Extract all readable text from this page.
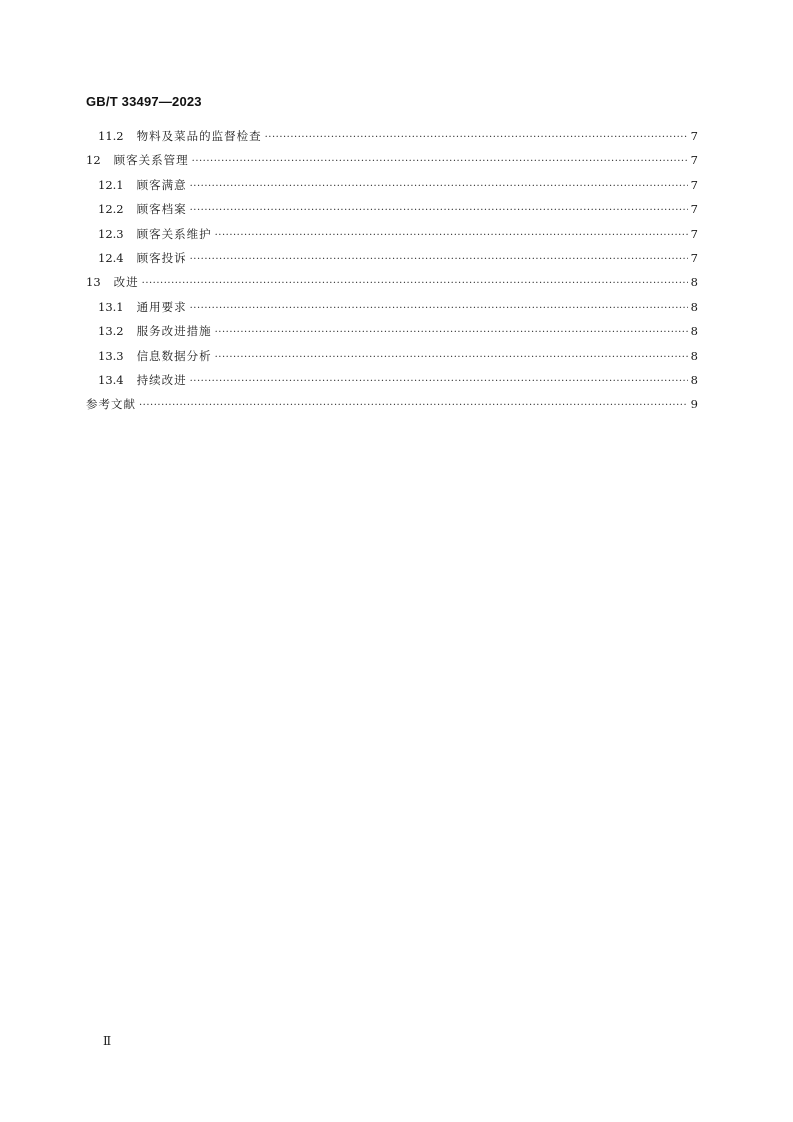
GB/T 33497—2023
11.2 物料及菜品的监督检查 ·····	7
12 顾客关系管理 ·····	7
12.1 顾客满意 ·····	7
12.2 顾客档案 ·····	7
12.3 顾客关系维护 ·····	7
12.4 顾客投诉 ·····	7
13 改进 ·····	8
13.1 通用要求 ·····	8
13.2 服务改进措施 ·····	8
13.3 信息数据分析 ·····	8
13.4 持续改进 ·····	8
参考文献 ·····	9
Ⅱ
